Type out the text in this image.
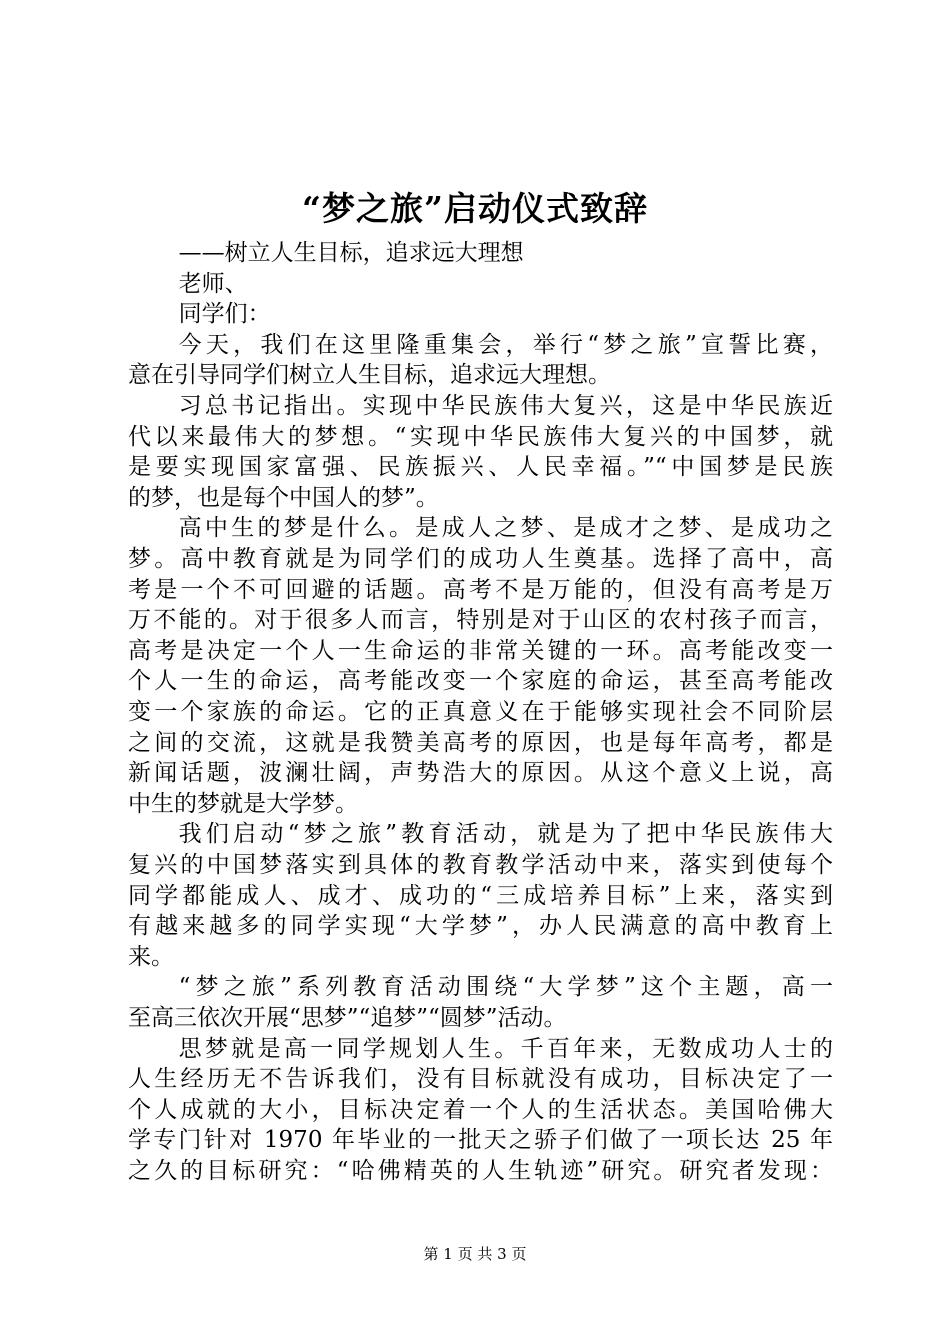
“梦之旅”启动仪式致辞
——树立人生目标，追求远大理想
老师、
同学们：
今天，我们在这里隆重集会，举行“梦之旅”宣誓比赛，
意在引导同学们树立人生目标，追求远大理想。
习总书记指出。实现中华民族伟大复兴，这是中华民族近
代以来最伟大的梦想。“实现中华民族伟大复兴的中国梦，就
是要实现国家富强、民族振兴、人民幸福。”“中国梦是民族
的梦，也是每个中国人的梦”。
高中生的梦是什么。是成人之梦、是成才之梦、是成功之
梦。高中教育就是为同学们的成功人生奠基。选择了高中，高
考是一个不可回避的话题。高考不是万能的，但没有高考是万
万不能的。对于很多人而言，特别是对于山区的农村孩子而言，
高考是决定一个人一生命运的非常关键的一环。高考能改变一
个人一生的命运，高考能改变一个家庭的命运，甚至高考能改
变一个家族的命运。它的正真意义在于能够实现社会不同阶层
之间的交流，这就是我赞美高考的原因，也是每年高考，都是
新闻话题，波澜壮阔，声势浩大的原因。从这个意义上说，高
中生的梦就是大学梦。
我们启动“梦之旅”教育活动，就是为了把中华民族伟大
复兴的中国梦落实到具体的教育教学活动中来，落实到使每个
同学都能成人、成才、成功的“三成培养目标”上来，落实到
有越来越多的同学实现“大学梦”，办人民满意的高中教育上
来。
“梦之旅”系列教育活动围绕“大学梦”这个主题，高一
至高三依次开展“思梦”“追梦”“圆梦”活动。
思梦就是高一同学规划人生。千百年来，无数成功人士的
人生经历无不告诉我们，没有目标就没有成功，目标决定了一
个人成就的大小，目标决定着一个人的生活状态。美国哈佛大
学专门针对 1970 年毕业的一批天之骄子们做了一项长达 25 年
之久的目标研究：“哈佛精英的人生轨迹”研究。研究者发现：
第 1 页 共 3 页
